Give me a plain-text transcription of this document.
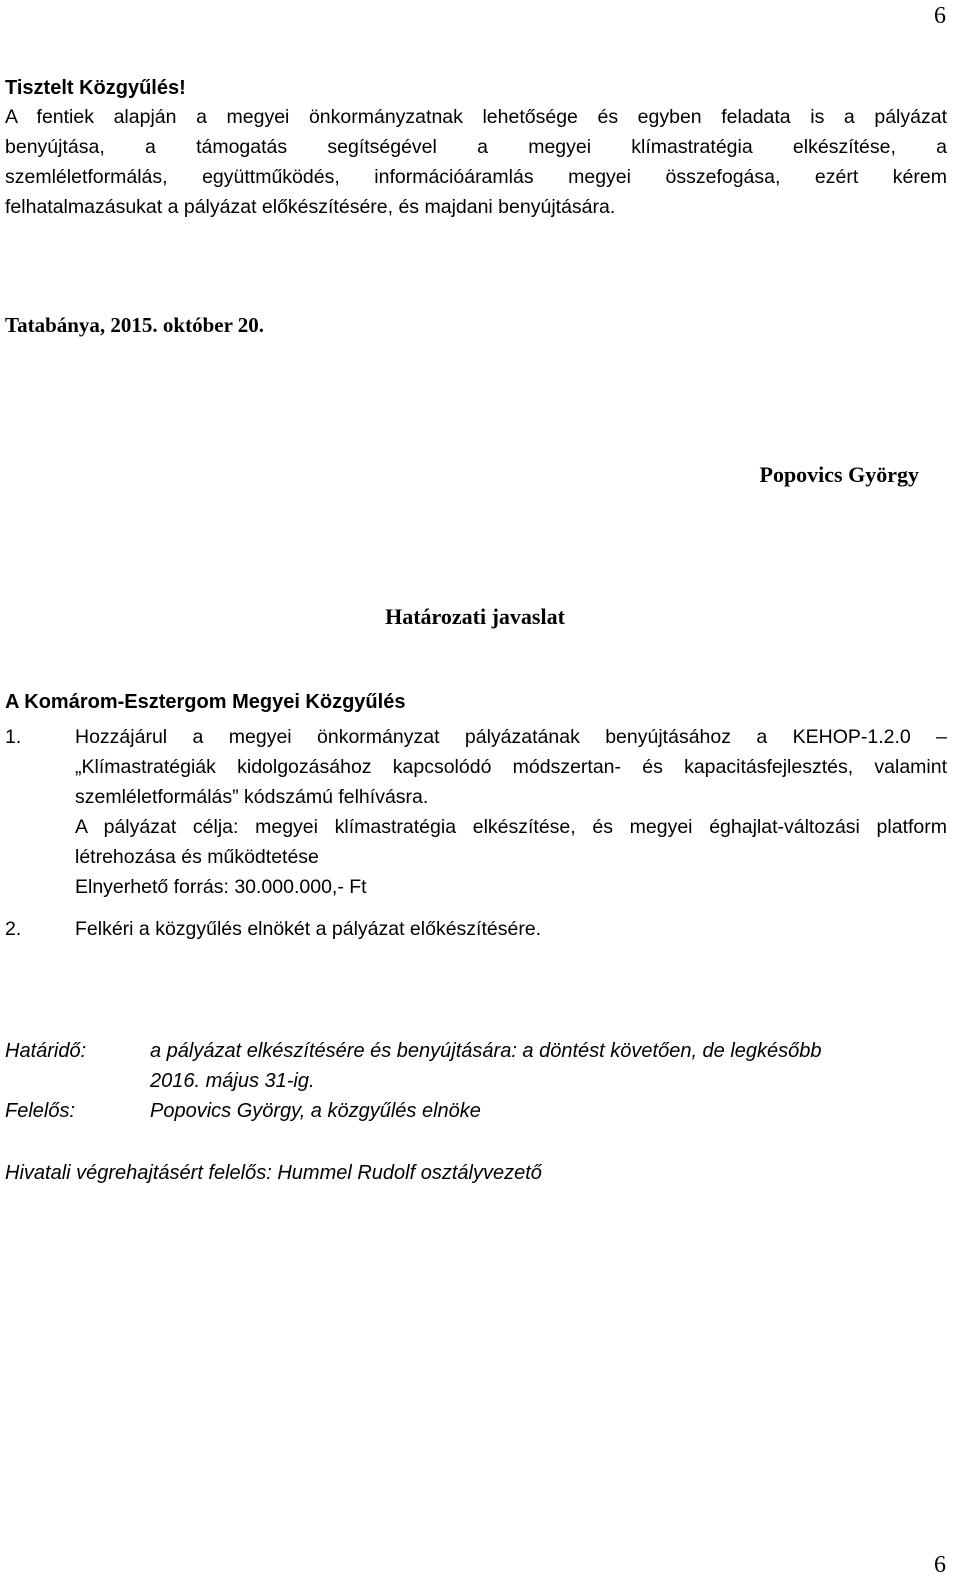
6
Tisztelt Közgyűlés!
A fentiek alapján a megyei önkormányzatnak lehetősége és egyben feladata is a pályázat
benyújtása, a támogatás segítségével a megyei klímastratégia elkészítése, a
szemléletformálás, együttműködés, információáramlás megyei összefogása, ezért kérem
felhatalmazásukat a pályázat előkészítésére, és majdani benyújtására.
Tatabánya, 2015. október 20.
Popovics György
Határozati javaslat
A Komárom-Esztergom Megyei Közgyűlés
1.	Hozzájárul a megyei önkormányzat pályázatának benyújtásához a KEHOP-1.2.0 –
„Klímastratégiák kidolgozásához kapcsolódó módszertan- és kapacitásfejlesztés, valamint
szemléletformálás” kódszámú felhívásra.
A pályázat célja: megyei klímastratégia elkészítése, és megyei éghajlat-változási platform
létrehozása és működtetése
Elnyerhető forrás: 30.000.000,- Ft
2.	Felkéri a közgyűlés elnökét a pályázat előkészítésére.
Határidő:	a pályázat elkészítésére és benyújtására: a döntést követően, de legkésőbb
2016. május 31-ig.
Felelős:	Popovics György, a közgyűlés elnöke
Hivatali végrehajtásért felelős: Hummel Rudolf osztályvezető
6
